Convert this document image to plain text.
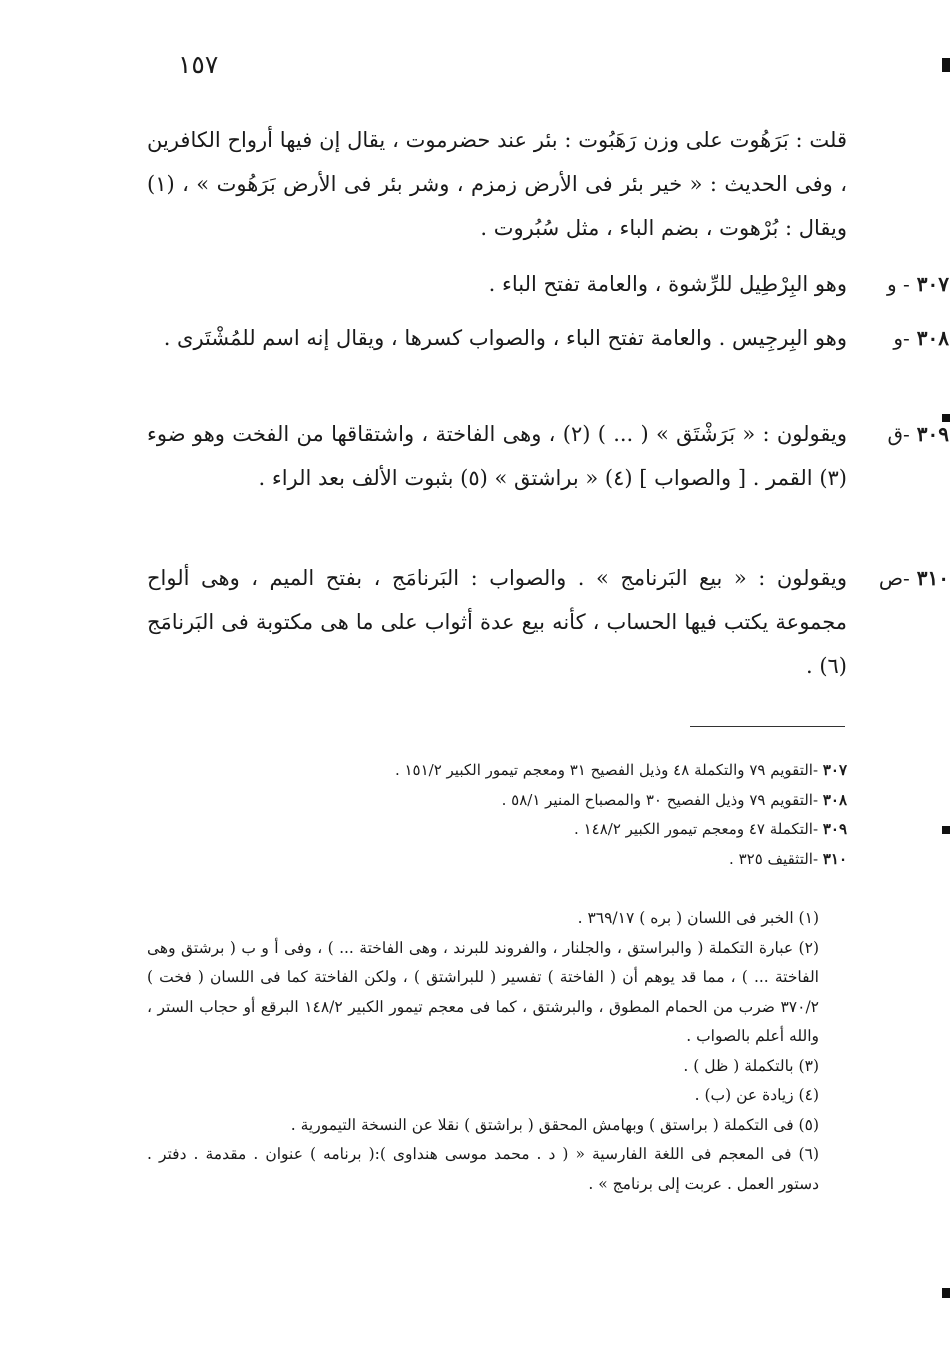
١٥٧

قلت : بَرَهُوت على وزن رَهَبُوت : بئر عند حضرموت ، يقال إن فيها أرواح الكافرين ، وفى الحديث : « خير بئر فى الأرض زمزم ، وشر بئر فى الأرض بَرَهُوت » ، (١) ويقال : بُرْهوت ، بضم الباء ، مثل سُبُروت .

٣٠٧ - و

وهو البِرْطِيل للرِّشوة ، والعامة تفتح الباء .

٣٠٨ -و

وهو البِرجِيس . والعامة تفتح الباء ، والصواب كسرها ، ويقال إنه اسم للمُشْتَرى .

٣٠٩ -ق

ويقولون : « بَرَشْتَق » ( ... ) (٢) ، وهى الفاختة ، واشتقاقها من الفخت وهو ضوء (٣) القمر . [ والصواب ] (٤) « براشتق » (٥) بثبوت الألف بعد الراء .

٣١٠ -ص

ويقولون : « بيع البَرنامج » . والصواب : البَرنامَج ، بفتح الميم ، وهى ألواح مجموعة يكتب فيها الحساب ، كأنه بيع عدة أثواب على ما هى مكتوبة فى البَرنامَج (٦) .

٣٠٧ -التقويم ٧٩ والتكملة ٤٨ وذيل الفصيح ٣١ ومعجم تيمور الكبير ١٥١/٢ .
٣٠٨ -التقويم ٧٩ وذيل الفصيح ٣٠ والمصباح المنير ٥٨/١ .
٣٠٩ -التكملة ٤٧ ومعجم تيمور الكبير ١٤٨/٢ .
٣١٠ -التثقيف ٣٢٥ .
(١) الخبر فى اللسان ( بره ) ٣٦٩/١٧ .
(٢) عبارة التكملة ( والبراستق ، والجلنار ، والفروند للبرند ، وهى الفاختة ... ) ، وفى أ و ب ( برشتق وهى الفاختة ... ) ، مما قد يوهم أن ( الفاختة ) تفسير ( للبراشتق ) ، ولكن الفاختة كما فى اللسان ( فخت ) ٣٧٠/٢ ضرب من الحمام المطوق ، والبرشتق ، كما فى معجم تيمور الكبير ١٤٨/٢ البرقع أو حجاب الستر ، والله أعلم بالصواب .
(٣) بالتكملة ( ظل ) .
(٤) زيادة عن (ب) .
(٥) فى التكملة ( براستق ) وبهامش المحقق ( براشتق ) نقلا عن النسخة التيمورية .
(٦) فى المعجم فى اللغة الفارسية « ( د . محمد موسى هنداوى ):( برنامه ) عنوان . مقدمة . دفتر . دستور العمل . عربت إلى برنامج » .
